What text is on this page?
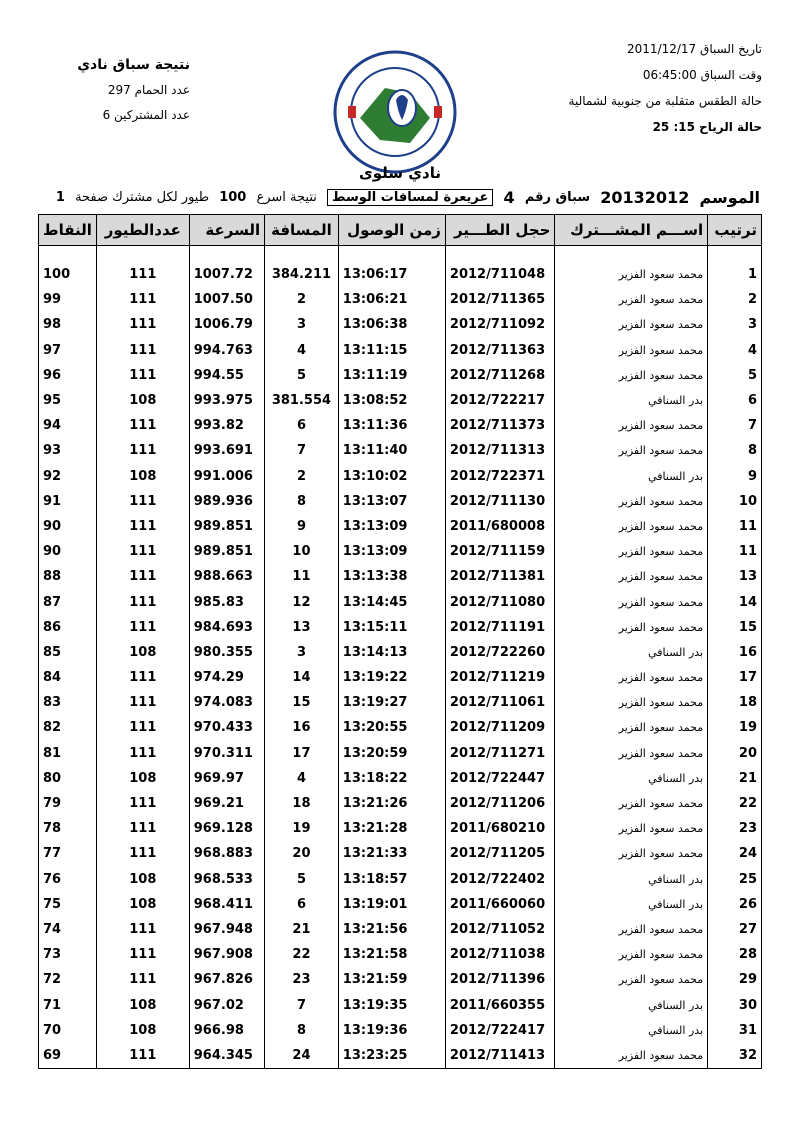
تاريخ السباق 2011/12/17
وقت السباق 06:45:00
حالة الطقس متقلبة من جنوبية لشمالية
حالة الرياح 15: 25
نتيجة سباق نادي
عدد الحمام 297
عدد المشتركين 6
نادي سلوى
الموسم 20132012 سباق رقم 4 عريعرة لمسافات الوسط نتيجة اسرع 100 طيور لكل مشترك صفحة 1
ترتيب	اســـم المشـــترك	حجل الطـــير	زمن الوصول	المسافة	السرعة	عددالطيور	النقاط

1	محمد سعود الفزير	2012/711048	13:06:17	384.211	1007.72	111	100
2	محمد سعود الفزير	2012/711365	13:06:21	2	1007.50	111	99
3	محمد سعود الفزير	2012/711092	13:06:38	3	1006.79	111	98
4	محمد سعود الفزير	2012/711363	13:11:15	4	994.763	111	97
5	محمد سعود الفزير	2012/711268	13:11:19	5	994.55	111	96
6	بدر السنافي	2012/722217	13:08:52	381.554	993.975	108	95
7	محمد سعود الفزير	2012/711373	13:11:36	6	993.82	111	94
8	محمد سعود الفزير	2012/711313	13:11:40	7	993.691	111	93
9	بدر السنافي	2012/722371	13:10:02	2	991.006	108	92
10	محمد سعود الفزير	2012/711130	13:13:07	8	989.936	111	91
11	محمد سعود الفزير	2011/680008	13:13:09	9	989.851	111	90
11	محمد سعود الفزير	2012/711159	13:13:09	10	989.851	111	90
13	محمد سعود الفزير	2012/711381	13:13:38	11	988.663	111	88
14	محمد سعود الفزير	2012/711080	13:14:45	12	985.83	111	87
15	محمد سعود الفزير	2012/711191	13:15:11	13	984.693	111	86
16	بدر السنافي	2012/722260	13:14:13	3	980.355	108	85
17	محمد سعود الفزير	2012/711219	13:19:22	14	974.29	111	84
18	محمد سعود الفزير	2012/711061	13:19:27	15	974.083	111	83
19	محمد سعود الفزير	2012/711209	13:20:55	16	970.433	111	82
20	محمد سعود الفزير	2012/711271	13:20:59	17	970.311	111	81
21	بدر السنافي	2012/722447	13:18:22	4	969.97	108	80
22	محمد سعود الفزير	2012/711206	13:21:26	18	969.21	111	79
23	محمد سعود الفزير	2011/680210	13:21:28	19	969.128	111	78
24	محمد سعود الفزير	2012/711205	13:21:33	20	968.883	111	77
25	بدر السنافي	2012/722402	13:18:57	5	968.533	108	76
26	بدر السنافي	2011/660060	13:19:01	6	968.411	108	75
27	محمد سعود الفزير	2012/711052	13:21:56	21	967.948	111	74
28	محمد سعود الفزير	2012/711038	13:21:58	22	967.908	111	73
29	محمد سعود الفزير	2012/711396	13:21:59	23	967.826	111	72
30	بدر السنافي	2011/660355	13:19:35	7	967.02	108	71
31	بدر السنافي	2012/722417	13:19:36	8	966.98	108	70
32	محمد سعود الفزير	2012/711413	13:23:25	24	964.345	111	69
